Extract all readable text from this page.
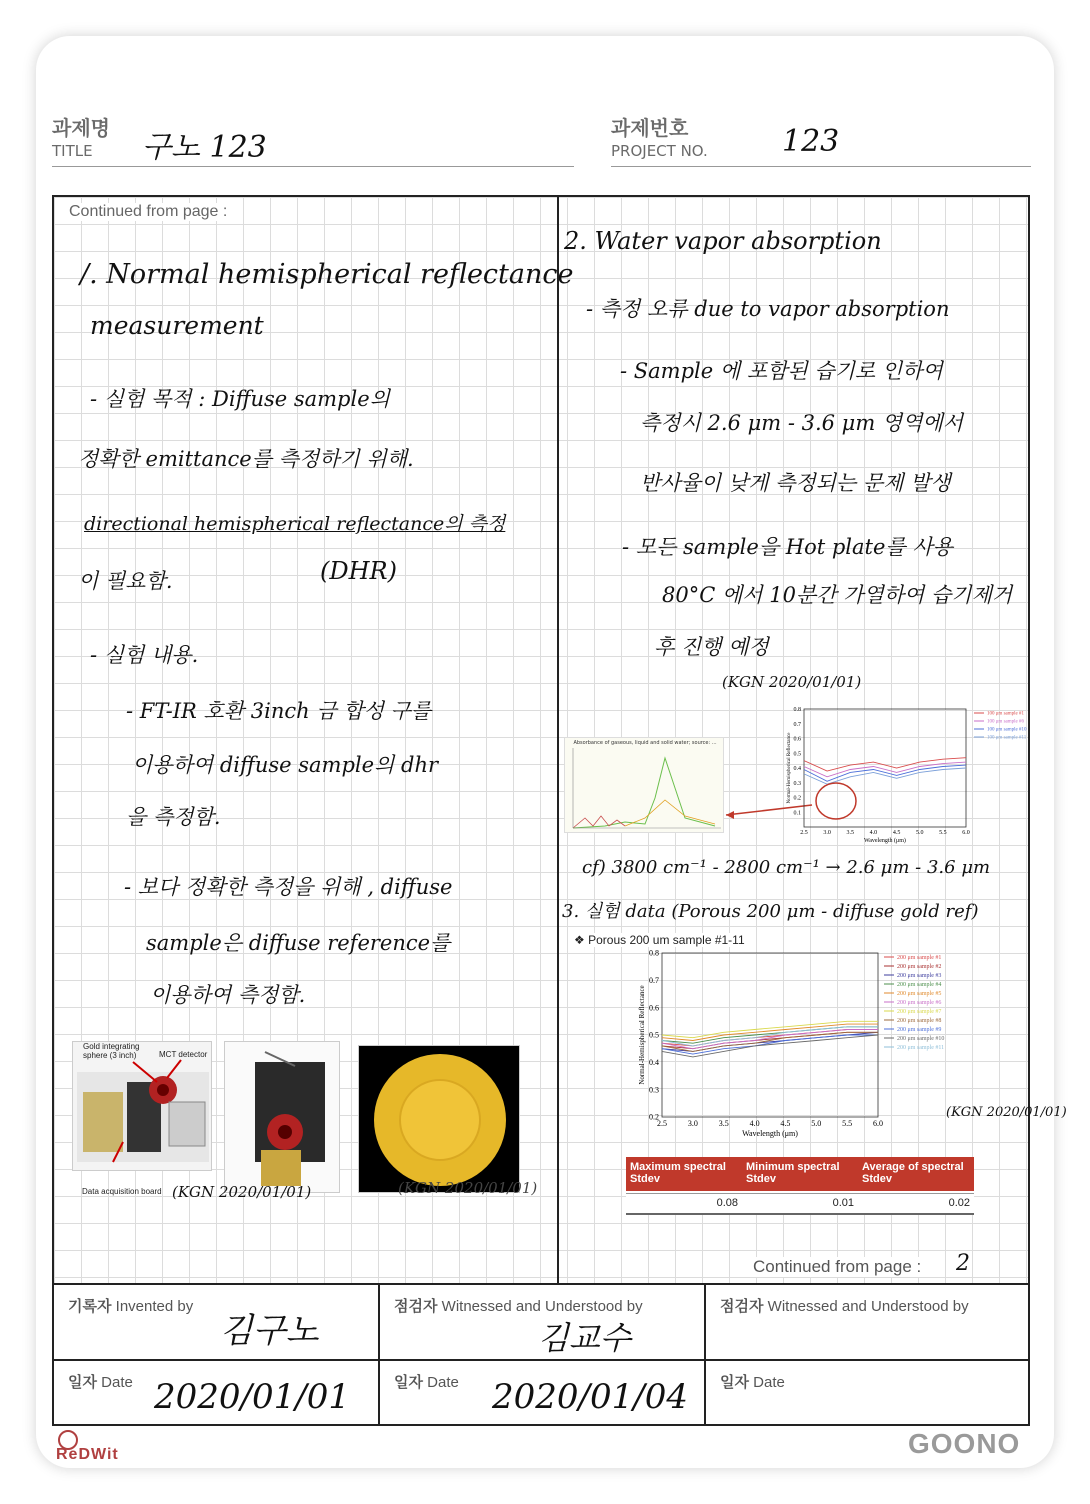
과제명
TITLE 구노 123
과제번호
PROJECT NO. 123
Continued from page :
/. Normal hemispherical reflectance
measurement
- 실험 목적 : Diffuse sample의
정확한 emittance를 측정하기 위해.
directional hemispherical reflectance의 측정
이 필요함.	(DHR)
- 실험 내용.
- FT-IR 호환 3inch 금 합성 구를
이용하여 diffuse sample의 dhr
을 측정함.
- 보다 정확한 측정을 위해 , diffuse
sample은 diffuse reference를
이용하여 측정함.
Gold integrating sphere (3 inch)	MCT detector
Data acquisition board (KGN 2020/01/01)	(KGN 2020/01/01)
2. Water vapor absorption
- 측정 오류 due to vapor absorption
- Sample 에 포함된 습기로 인하여
측정시 2.6 μm - 3.6 μm 영역에서
반사율이 낮게 측정되는 문제 발생
- 모든 sample을 Hot plate를 사용
80°C 에서 10분간 가열하여 습기제거
후 진행 예정
(KGN 2020/01/01)
Absorbance of gaseous, liquid and solid water; source: ...
2.5	3.0	3.5	4.0	4.5	5.0	5.5	6.0
0.1
0.2
0.3
0.4
0.5
0.6
0.7
0.8
Wavelength (μm)
Normal-Hemispherical Reflectance
100 μm sample #1
100 μm sample #6
100 μm sample #10
100 μm sample #11
cf) 3800 cm⁻¹ - 2800 cm⁻¹ → 2.6 μm - 3.6 μm
3. 실험 data (Porous 200 μm - diffuse gold ref)
❖ Porous 200 um sample #1-11
2.5	3.0	3.5	4.0	4.5	5.0	5.5	6.0
0.2
0.3
0.4
0.5
0.6
0.7
0.8
Wavelength (μm)
Normal-Hemispherical Reflectance
200 μm sample #1
200 μm sample #2
200 μm sample #3
200 μm sample #4
200 μm sample #5
200 μm sample #6
200 μm sample #7
200 μm sample #8
200 μm sample #9
200 μm sample #10
200 μm sample #11
(KGN 2020/01/01)
Maximum spectral Stdev
Minimum spectral Stdev
Average of spectral Stdev
0.08	0.01	0.02
Continued from page : 2
기록자 Invented by
김구노
점검자 Witnessed and Understood by
김교수
점검자 Witnessed and Understood by
일자 Date 2020/01/01	일자 Date 2020/01/04 일자 Date
ReDWit	GOONO
